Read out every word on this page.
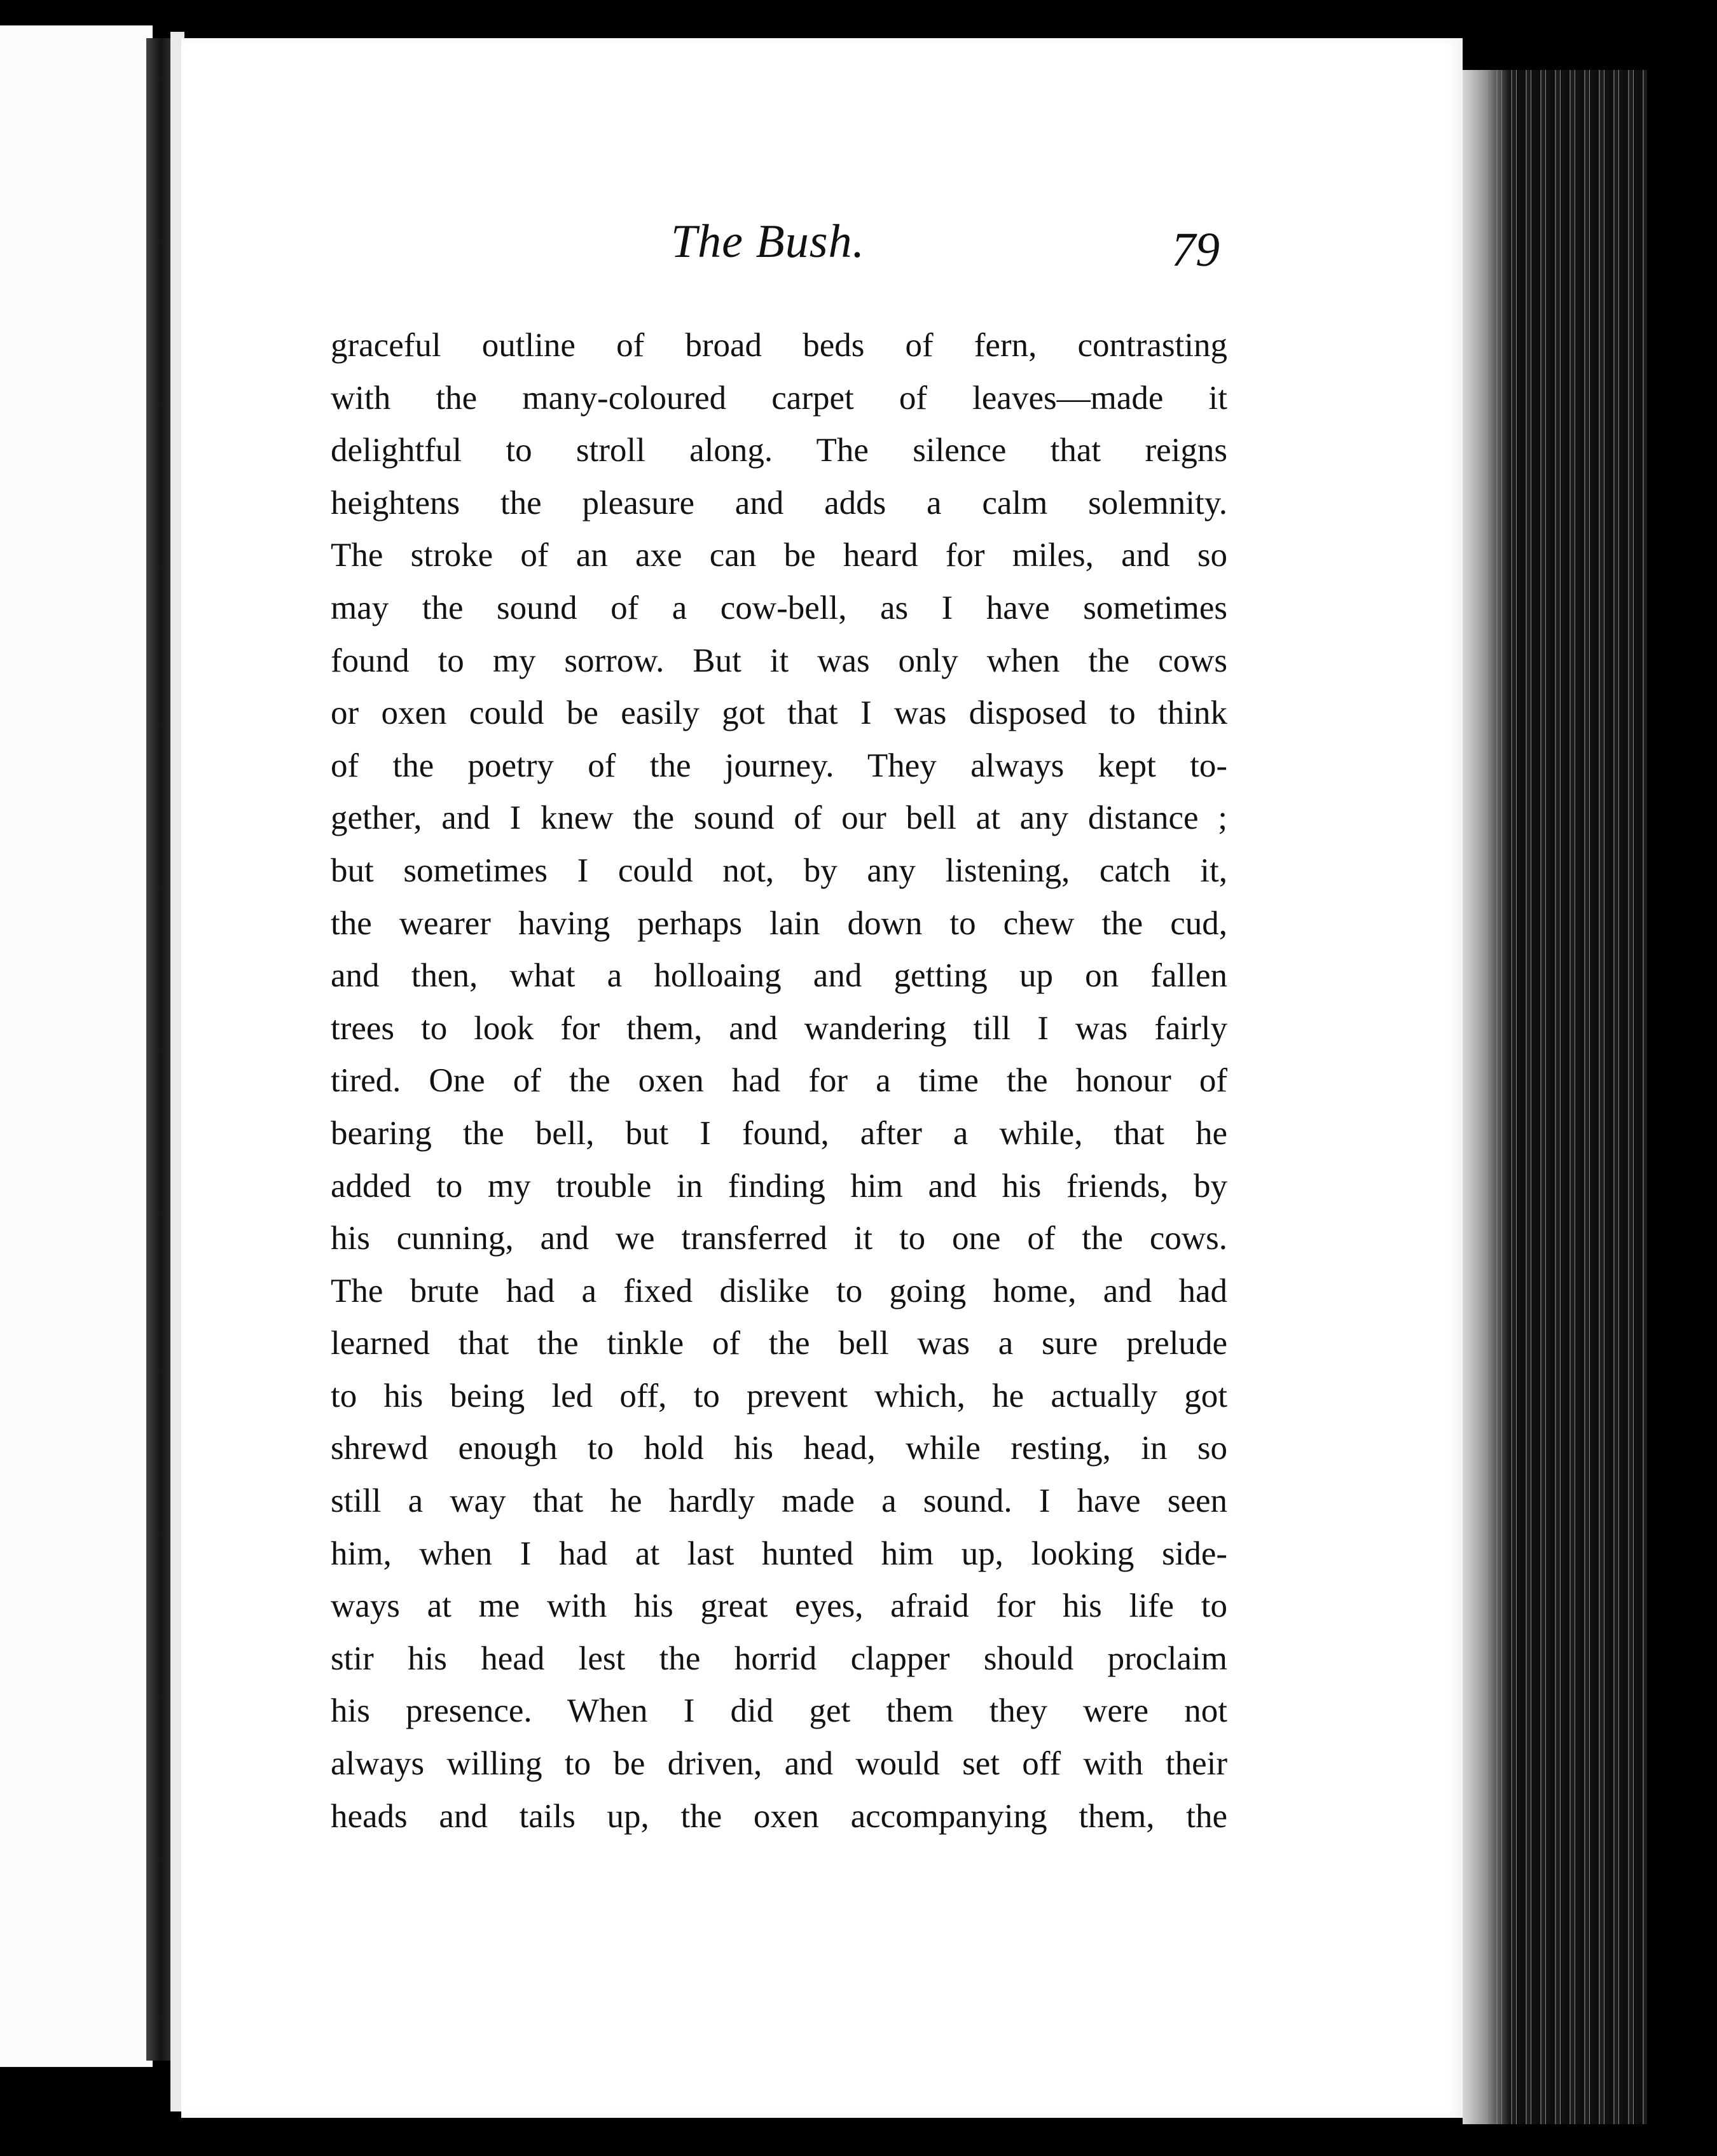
The Bush.	79
graceful outline of broad beds of fern, contrasting
with the many-coloured carpet of leaves—made it
delightful to stroll along. The silence that reigns
heightens the pleasure and adds a calm solemnity.
The stroke of an axe can be heard for miles, and so
may the sound of a cow-bell, as I have sometimes
found to my sorrow. But it was only when the cows
or oxen could be easily got that I was disposed to think
of the poetry of the journey. They always kept to-
gether, and I knew the sound of our bell at any distance ;
but sometimes I could not, by any listening, catch it,
the wearer having perhaps lain down to chew the cud,
and then, what a holloaing and getting up on fallen
trees to look for them, and wandering till I was fairly
tired. One of the oxen had for a time the honour of
bearing the bell, but I found, after a while, that he
added to my trouble in finding him and his friends, by
his cunning, and we transferred it to one of the cows.
The brute had a fixed dislike to going home, and had
learned that the tinkle of the bell was a sure prelude
to his being led off, to prevent which, he actually got
shrewd enough to hold his head, while resting, in so
still a way that he hardly made a sound. I have seen
him, when I had at last hunted him up, looking side-
ways at me with his great eyes, afraid for his life to
stir his head lest the horrid clapper should proclaim
his presence. When I did get them they were not
always willing to be driven, and would set off with their
heads and tails up, the oxen accompanying them, the
